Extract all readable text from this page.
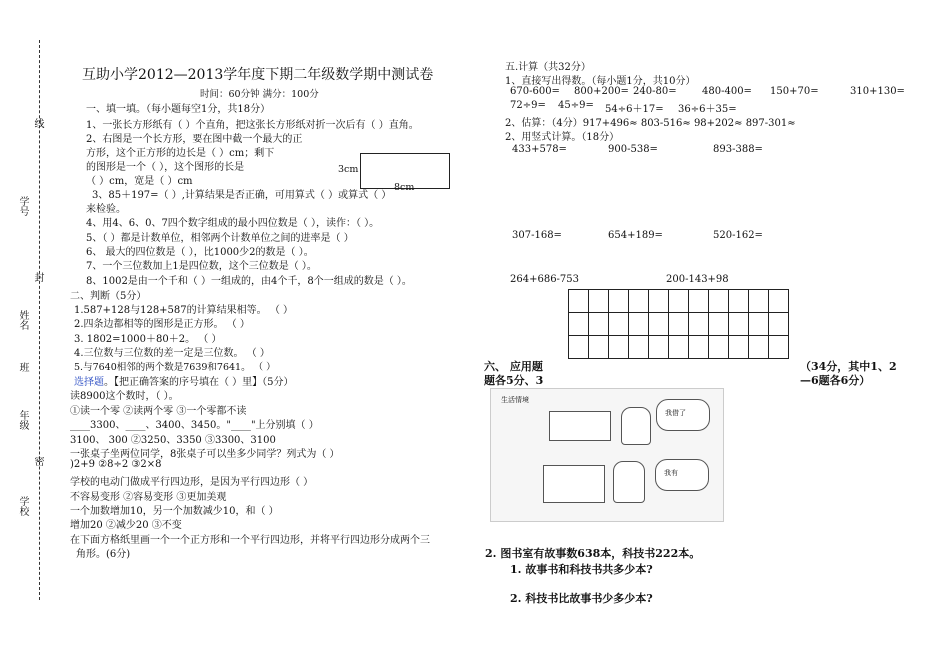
线
学号
封
姓名
班
年级
密
学校
互助小学2012—2013学年度下期二年级数学期中测试卷
时间：60分钟 满分：100分
一、填一填。（每小题每空1分，共18分）
1、一张长方形纸有（ ）个直角，把这张长方形纸对折一次后有（ ）直角。
2、右图是一个长方形，要在图中截一个最大的正
方形，这个正方形的边长是（ ）cm；剩下
的图形是一个（ ），这个图形的长是
（ ）cm，宽是（ ）cm
3cm
8cm
3、85＋197=（ ）,计算结果是否正确，可用算式（ ）或算式（ ）
来检验。
4、用4、6、0、7四个数字组成的最小四位数是（ ），读作：（ ）。
5、（ ）都是计数单位，相邻两个计数单位之间的进率是（ ）
6、 最大的四位数是（ ），比1000少2的数是（ ）。
7、一个三位数加上1是四位数，这个三位数是（ ）。
8、1002是由一个千和（ ）一组成的，由4个千，8个一组成的数是（ ）。
二、判断（5分）
1.587+128与128+587的计算结果相等。 （ ）
2.四条边都相等的图形是正方形。 （ ）
3. 1802=1000＋80＋2。 （ ）
4.三位数与三位数的差一定是三位数。 （ ）
5.与7640相邻的两个数是7639和7641。 （ ）
选择题。【把正确答案的序号填在（ ）里】（5分）
读8900这个数时，（ ）。
①读一个零 ②读两个零 ③一个零都不读
____3300、____、3400、3450。"____"上分别填（ ）
3100、 300 ②3250、3350 ③3300、3100
一张桌子坐两位同学，8张桌子可以坐多少同学？列式为（ ）
)2+9 ②8÷2 ③2×8
学校的电动门做成平行四边形，是因为平行四边形（ ）
不容易变形 ②容易变形 ③更加美观
一个加数增加10，另一个加数减少10，和（ ）
增加20 ②减少20 ③不变
在下面方格纸里画一个一个正方形和一个平行四边形，并将平行四边形分成两个三
角形。(6分)
五.计算（共32分）
1、直接写出得数。（每小题1分，共10分）
670-600= 800+200= 240-80=	480-400= 150+70=	310+130=
72÷9= 45÷9= 54÷6＋17= 36÷6＋35=
2、估算：（4分）917+496≈ 803-516≈ 98+202≈ 897-301≈
2、用竖式计算。（18分）
433+578=	900-538=	893-388=
307-168=	654+189=	520-162=
264+686-753	200-143+98

六、 应用题
题各5分、3
（34分，其中1、2
—6题各6分）
生活情境
我借了
我有
2. 图书室有故事数638本，科技书222本。
1. 故事书和科技书共多少本?
2. 科技书比故事书少多少本?
